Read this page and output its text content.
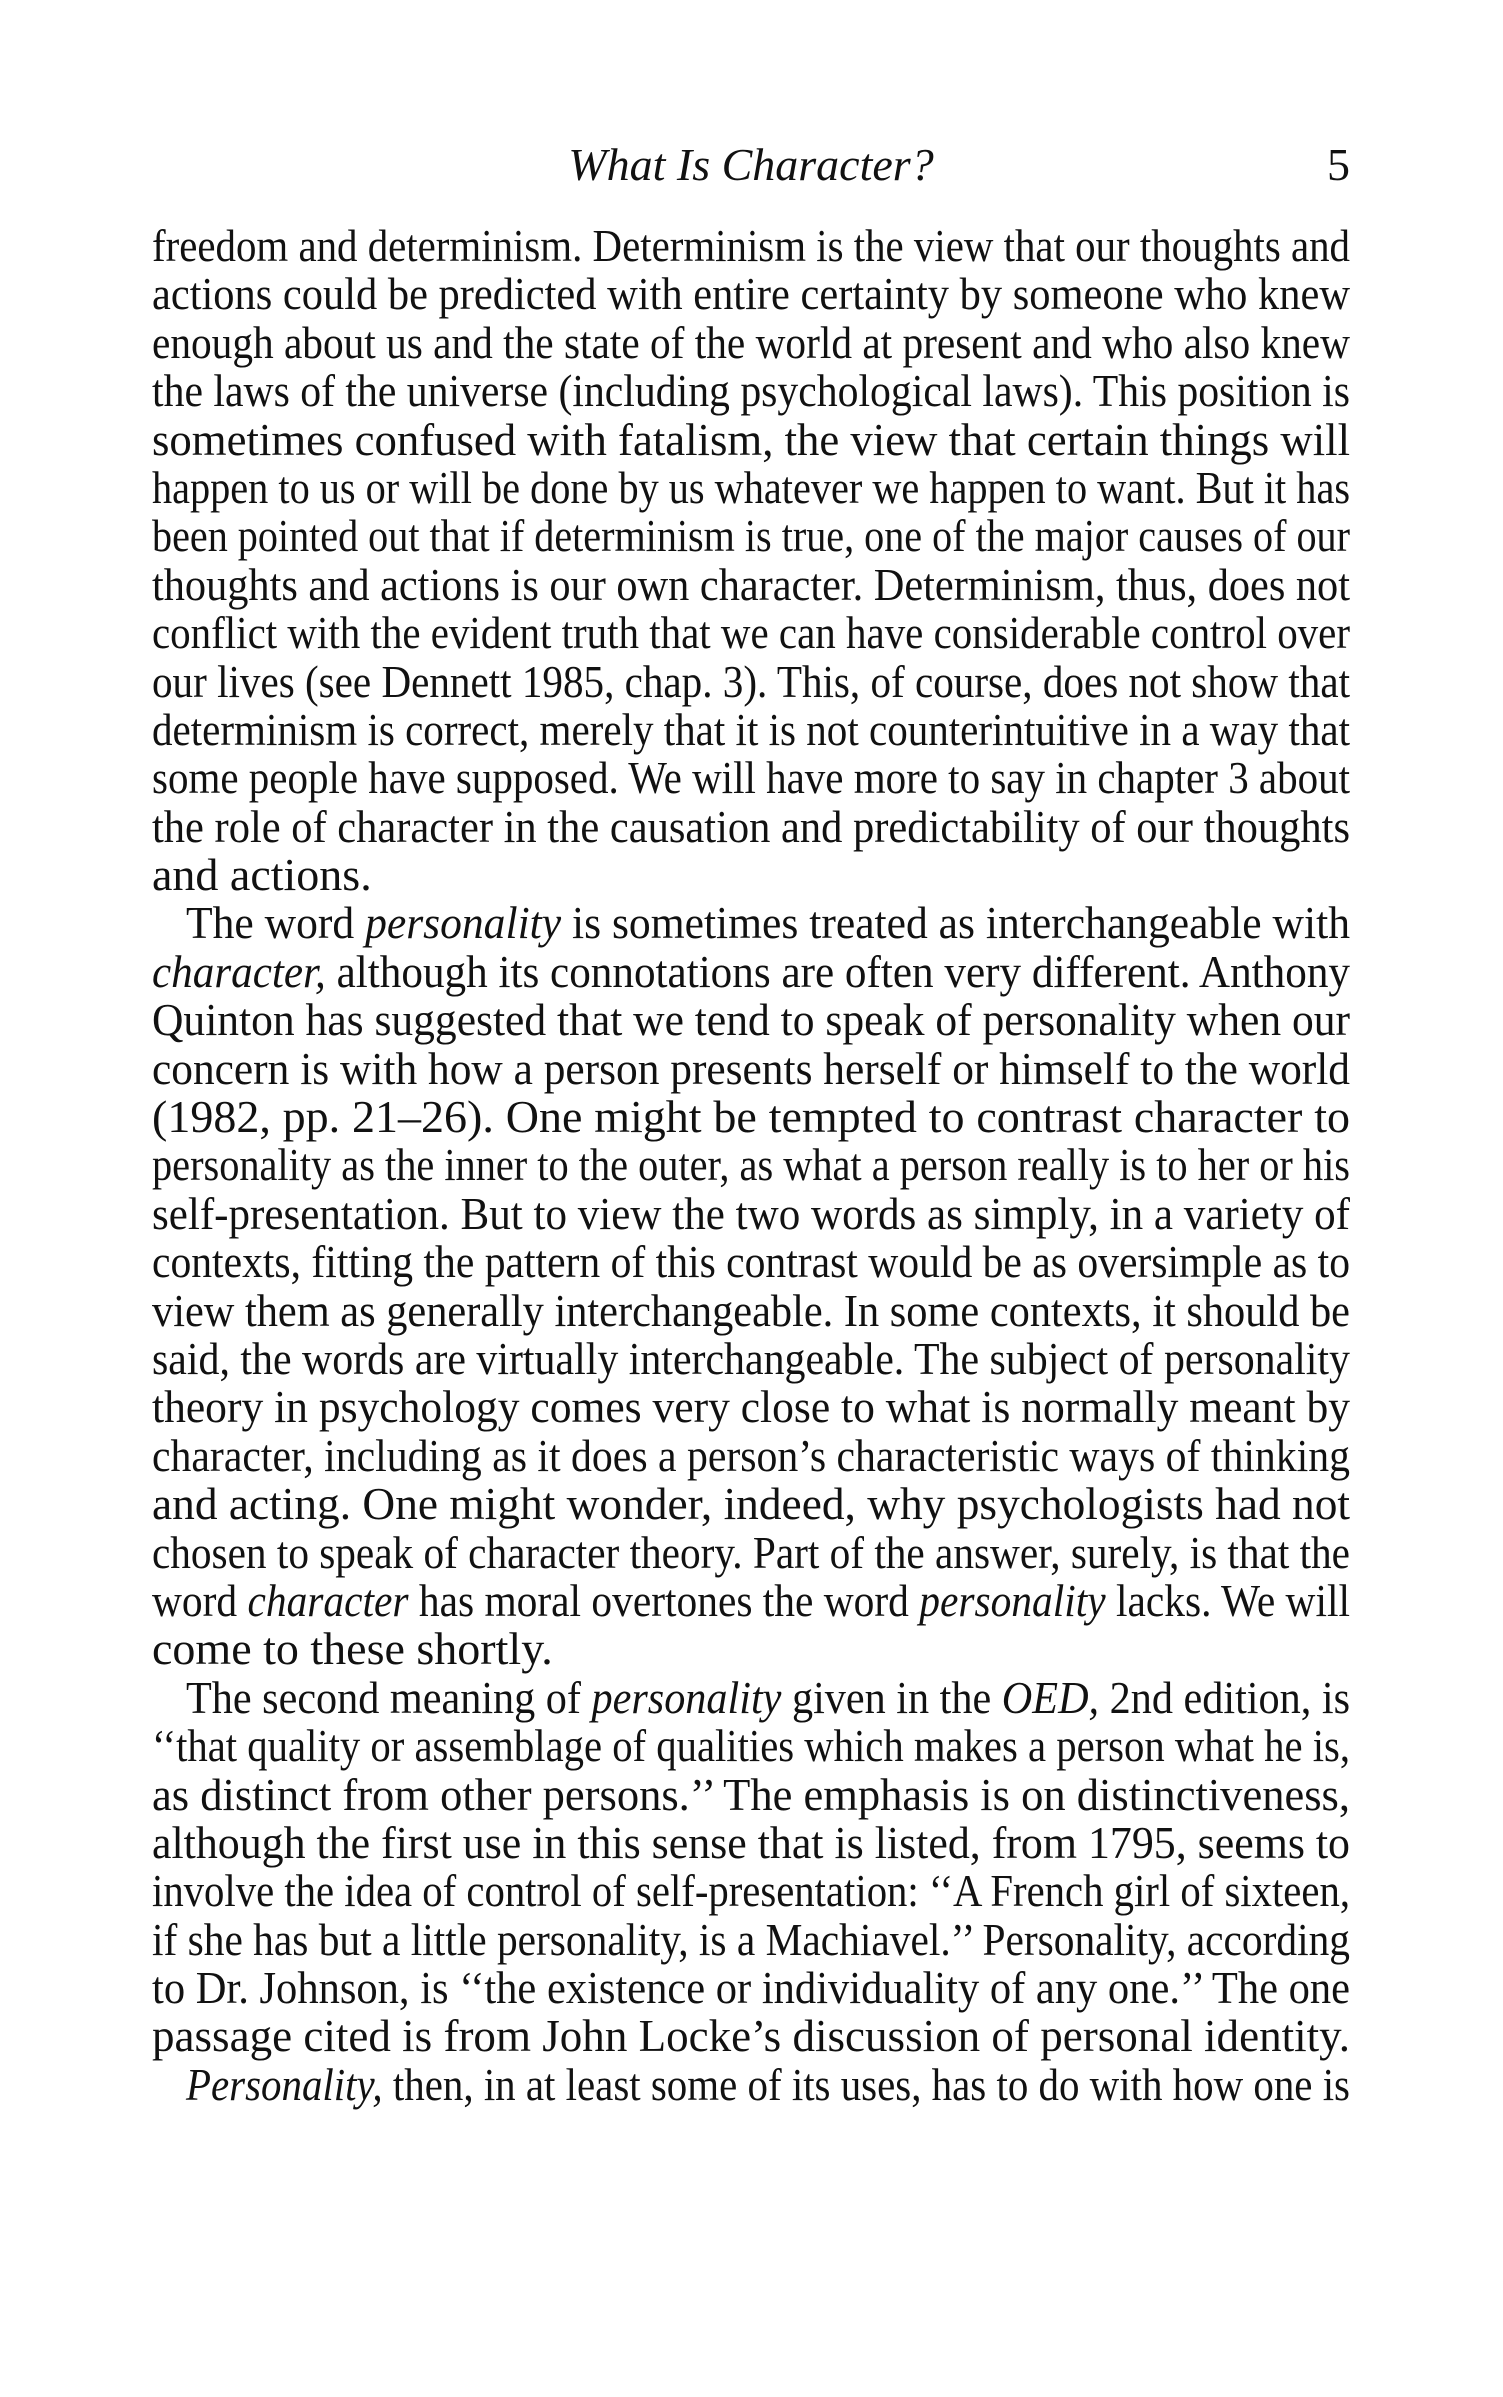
What Is Character?	5
freedom and determinism. Determinism is the view that our thoughts and
actions could be predicted with entire certainty by someone who knew
enough about us and the state of the world at present and who also knew
the laws of the universe (including psychological laws). This position is
sometimes confused with fatalism, the view that certain things will
happen to us or will be done by us whatever we happen to want. But it has
been pointed out that if determinism is true, one of the major causes of our
thoughts and actions is our own character. Determinism, thus, does not
conflict with the evident truth that we can have considerable control over
our lives (see Dennett 1985, chap. 3). This, of course, does not show that
determinism is correct, merely that it is not counterintuitive in a way that
some people have supposed. We will have more to say in chapter 3 about
the role of character in the causation and predictability of our thoughts
and actions.
The word personality is sometimes treated as interchangeable with
character, although its connotations are often very different. Anthony
Quinton has suggested that we tend to speak of personality when our
concern is with how a person presents herself or himself to the world
(1982, pp. 21–26). One might be tempted to contrast character to
personality as the inner to the outer, as what a person really is to her or his
self-presentation. But to view the two words as simply, in a variety of
contexts, fitting the pattern of this contrast would be as oversimple as to
view them as generally interchangeable. In some contexts, it should be
said, the words are virtually interchangeable. The subject of personality
theory in psychology comes very close to what is normally meant by
character, including as it does a person’s characteristic ways of thinking
and acting. One might wonder, indeed, why psychologists had not
chosen to speak of character theory. Part of the answer, surely, is that the
word character has moral overtones the word personality lacks. We will
come to these shortly.
The second meaning of personality given in the OED, 2nd edition, is
‘‘that quality or assemblage of qualities which makes a person what he is,
as distinct from other persons.’’ The emphasis is on distinctiveness,
although the first use in this sense that is listed, from 1795, seems to
involve the idea of control of self-presentation: ‘‘A French girl of sixteen,
if she has but a little personality, is a Machiavel.’’ Personality, according
to Dr. Johnson, is ‘‘the existence or individuality of any one.’’ The one
passage cited is from John Locke’s discussion of personal identity.
Personality, then, in at least some of its uses, has to do with how one is
